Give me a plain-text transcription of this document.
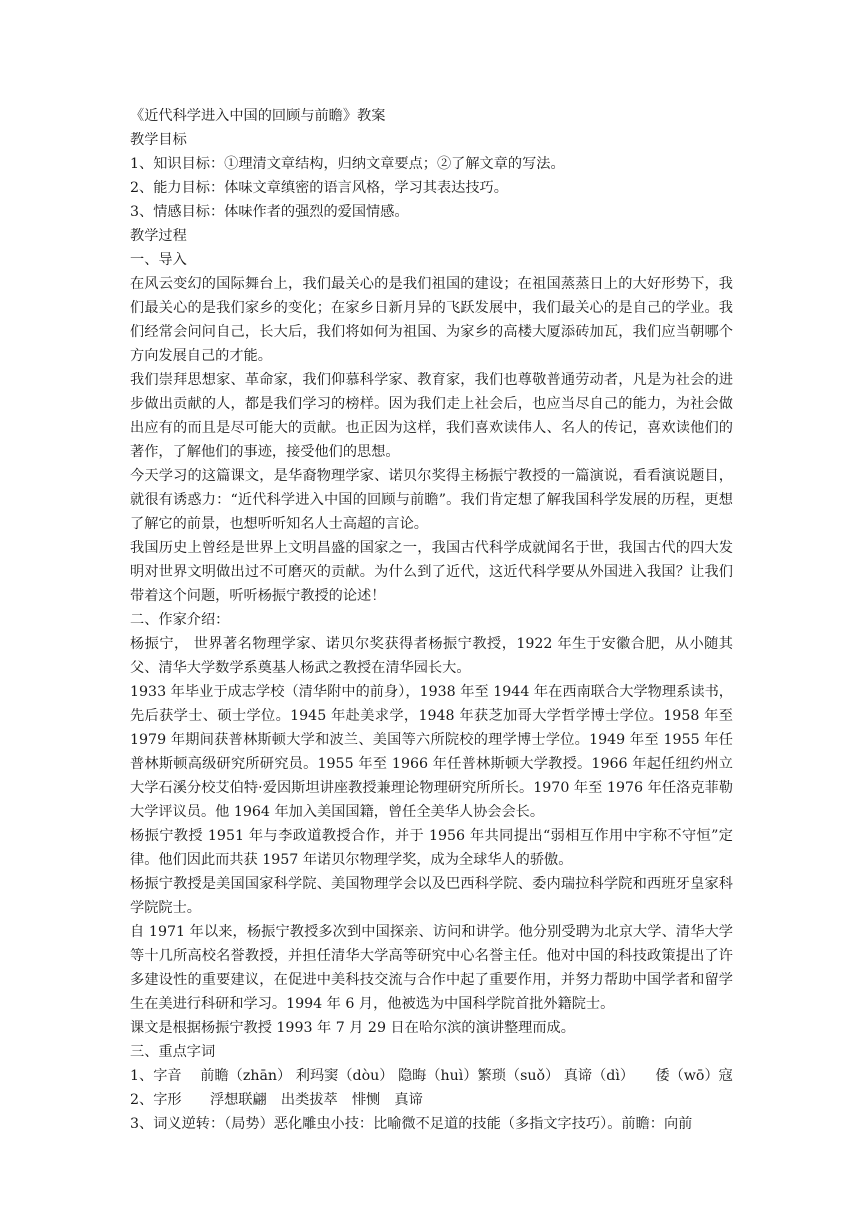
《近代科学进入中国的回顾与前瞻》教案

教学目标

1、知识目标：①理清文章结构，归纳文章要点；②了解文章的写法。

2、能力目标：体味文章缜密的语言风格，学习其表达技巧。

3、情感目标：体味作者的强烈的爱国情感。

教学过程

一、导入

在风云变幻的国际舞台上，我们最关心的是我们祖国的建设；在祖国蒸蒸日上的大好形势下，我们最关心的是我们家乡的变化；在家乡日新月异的飞跃发展中，我们最关心的是自己的学业。我们经常会问问自己，长大后，我们将如何为祖国、为家乡的高楼大厦添砖加瓦，我们应当朝哪个方向发展自己的才能。

我们崇拜思想家、革命家，我们仰慕科学家、教育家，我们也尊敬普通劳动者，凡是为社会的进步做出贡献的人，都是我们学习的榜样。因为我们走上社会后，也应当尽自己的能力，为社会做出应有的而且是尽可能大的贡献。也正因为这样，我们喜欢读伟人、名人的传记，喜欢读他们的著作，了解他们的事迹，接受他们的思想。

今天学习的这篇课文，是华裔物理学家、诺贝尔奖得主杨振宁教授的一篇演说，看看演说题目，就很有诱惑力：“近代科学进入中国的回顾与前瞻”。我们肯定想了解我国科学发展的历程，更想了解它的前景，也想听听知名人士高超的言论。

我国历史上曾经是世界上文明昌盛的国家之一，我国古代科学成就闻名于世，我国古代的四大发明对世界文明做出过不可磨灭的贡献。为什么到了近代，这近代科学要从外国进入我国？让我们带着这个问题，听听杨振宁教授的论述！

二、作家介绍：

杨振宁， 世界著名物理学家、诺贝尔奖获得者杨振宁教授，1922 年生于安徽合肥，从小随其父、清华大学数学系奠基人杨武之教授在清华园长大。

1933 年毕业于成志学校（清华附中的前身），1938 年至 1944 年在西南联合大学物理系读书，先后获学士、硕士学位。1945 年赴美求学，1948 年获芝加哥大学哲学博士学位。1958 年至 1979 年期间获普林斯顿大学和波兰、美国等六所院校的理学博士学位。1949 年至 1955 年任普林斯顿高级研究所研究员。1955 年至 1966 年任普林斯顿大学教授。1966 年起任纽约州立大学石溪分校艾伯特·爱因斯坦讲座教授兼理论物理研究所所长。1970 年至 1976 年任洛克菲勒大学评议员。他 1964 年加入美国国籍，曾任全美华人协会会长。

杨振宁教授 1951 年与李政道教授合作，并于 1956 年共同提出“弱相互作用中宇称不守恒”定律。他们因此而共获 1957 年诺贝尔物理学奖，成为全球华人的骄傲。

杨振宁教授是美国国家科学院、美国物理学会以及巴西科学院、委内瑞拉科学院和西班牙皇家科学院院士。

自 1971 年以来，杨振宁教授多次到中国探亲、访问和讲学。他分别受聘为北京大学、清华大学等十几所高校名誉教授，并担任清华大学高等研究中心名誉主任。他对中国的科技政策提出了许多建设性的重要建议，在促进中美科技交流与合作中起了重要作用，并努力帮助中国学者和留学生在美进行科研和学习。1994 年 6 月，他被选为中国科学院首批外籍院士。

课文是根据杨振宁教授 1993 年 7 月 29 日在哈尔滨的演讲整理而成。

三、重点字词

1、字音　 前瞻（zhān） 利玛窦（dòu） 隐晦（huì）繁琐（suǒ） 真谛（dì）　　倭（wō）寇

2、字形　　浮想联翩　出类拔萃　悱恻　真谛

3、词义逆转：（局势）恶化雕虫小技：比喻微不足道的技能（多指文字技巧）。前瞻：向前
